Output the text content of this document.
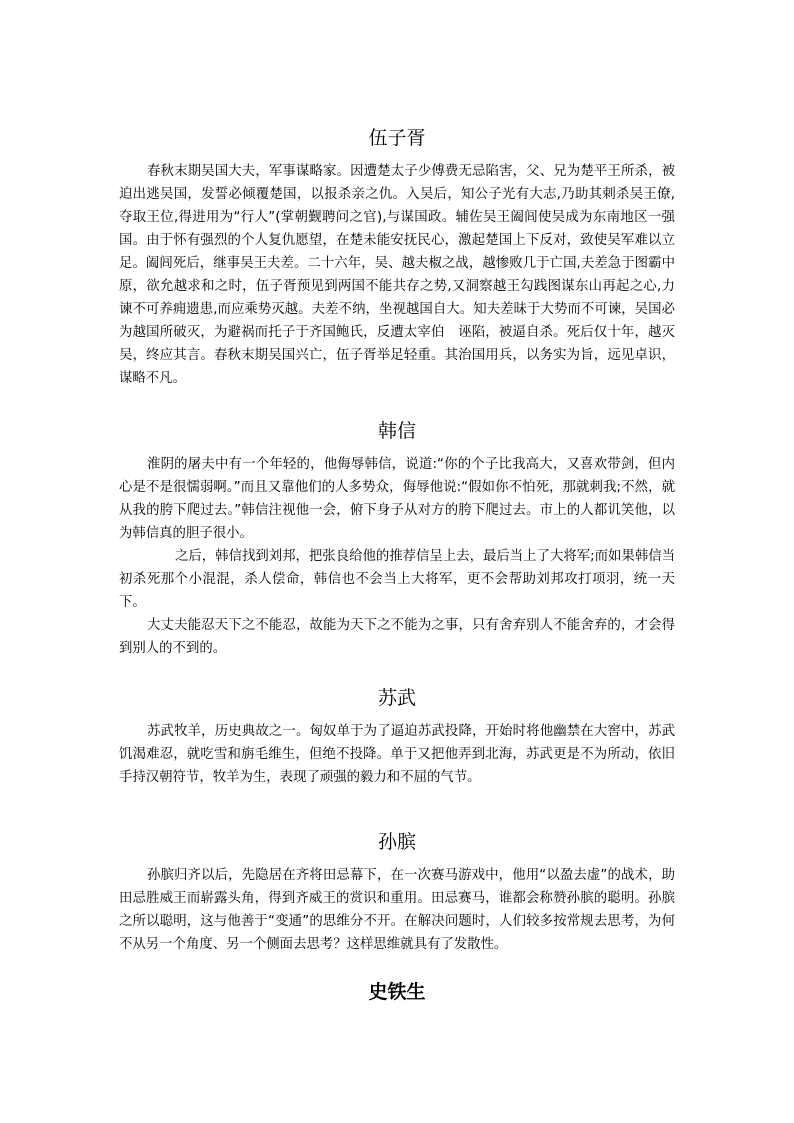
伍子胥

春秋末期吴国大夫，军事谋略家。因遭楚太子少傅费无忌陷害，父、兄为楚平王所杀，被迫出逃吴国，发誓必倾覆楚国，以报杀亲之仇。入吴后，知公子光有大志,乃助其刺杀吴王僚,夺取王位,得进用为“行人”(掌朝觐聘问之官),与谋国政。辅佐吴王阖闾使吴成为东南地区一强国。由于怀有强烈的个人复仇愿望，在楚未能安抚民心，激起楚国上下反对，致使吴军难以立足。阖闾死后，继事吴王夫差。二十六年，吴、越夫椒之战，越惨败几于亡国,夫差急于图霸中原，欲允越求和之时，伍子胥预见到两国不能共存之势,又洞察越王勾践图谋东山再起之心,力谏不可养痈遗患,而应乘势灭越。夫差不纳，坐视越国自大。知夫差昧于大势而不可谏，吴国必为越国所破灭，为避祸而托子于齐国鲍氏，反遭太宰伯　诬陷，被逼自杀。死后仅十年，越灭吴，终应其言。春秋末期吴国兴亡，伍子胥举足轻重。其治国用兵，以务实为旨，远见卓识，谋略不凡。

韩信

淮阴的屠夫中有一个年轻的，他侮辱韩信，说道:“你的个子比我高大，又喜欢带剑，但内心是不是很懦弱啊。”而且又靠他们的人多势众，侮辱他说:“假如你不怕死，那就刺我;不然，就从我的胯下爬过去。”韩信注视他一会，俯下身子从对方的胯下爬过去。市上的人都讥笑他，以为韩信真的胆子很小。

之后，韩信找到刘邦，把张良给他的推荐信呈上去，最后当上了大将军;而如果韩信当初杀死那个小混混，杀人偿命，韩信也不会当上大将军，更不会帮助刘邦攻打项羽，统一天下。

大丈夫能忍天下之不能忍，故能为天下之不能为之事，只有舍弃别人不能舍弃的，才会得到别人的不到的。

苏武

苏武牧羊，历史典故之一。匈奴单于为了逼迫苏武投降，开始时将他幽禁在大窖中，苏武饥渴难忍，就吃雪和旃毛维生，但绝不投降。单于又把他弄到北海，苏武更是不为所动，依旧手持汉朝符节，牧羊为生，表现了顽强的毅力和不屈的气节。

孙膑

孙膑归齐以后，先隐居在齐将田忌幕下，在一次赛马游戏中，他用“以盈去虚”的战术，助田忌胜威王而崭露头角，得到齐威王的赏识和重用。田忌赛马，谁都会称赞孙膑的聪明。孙膑之所以聪明，这与他善于“变通”的思维分不开。在解决问题时，人们较多按常规去思考，为何不从另一个角度、另一个侧面去思考？这样思维就具有了发散性。

史铁生
